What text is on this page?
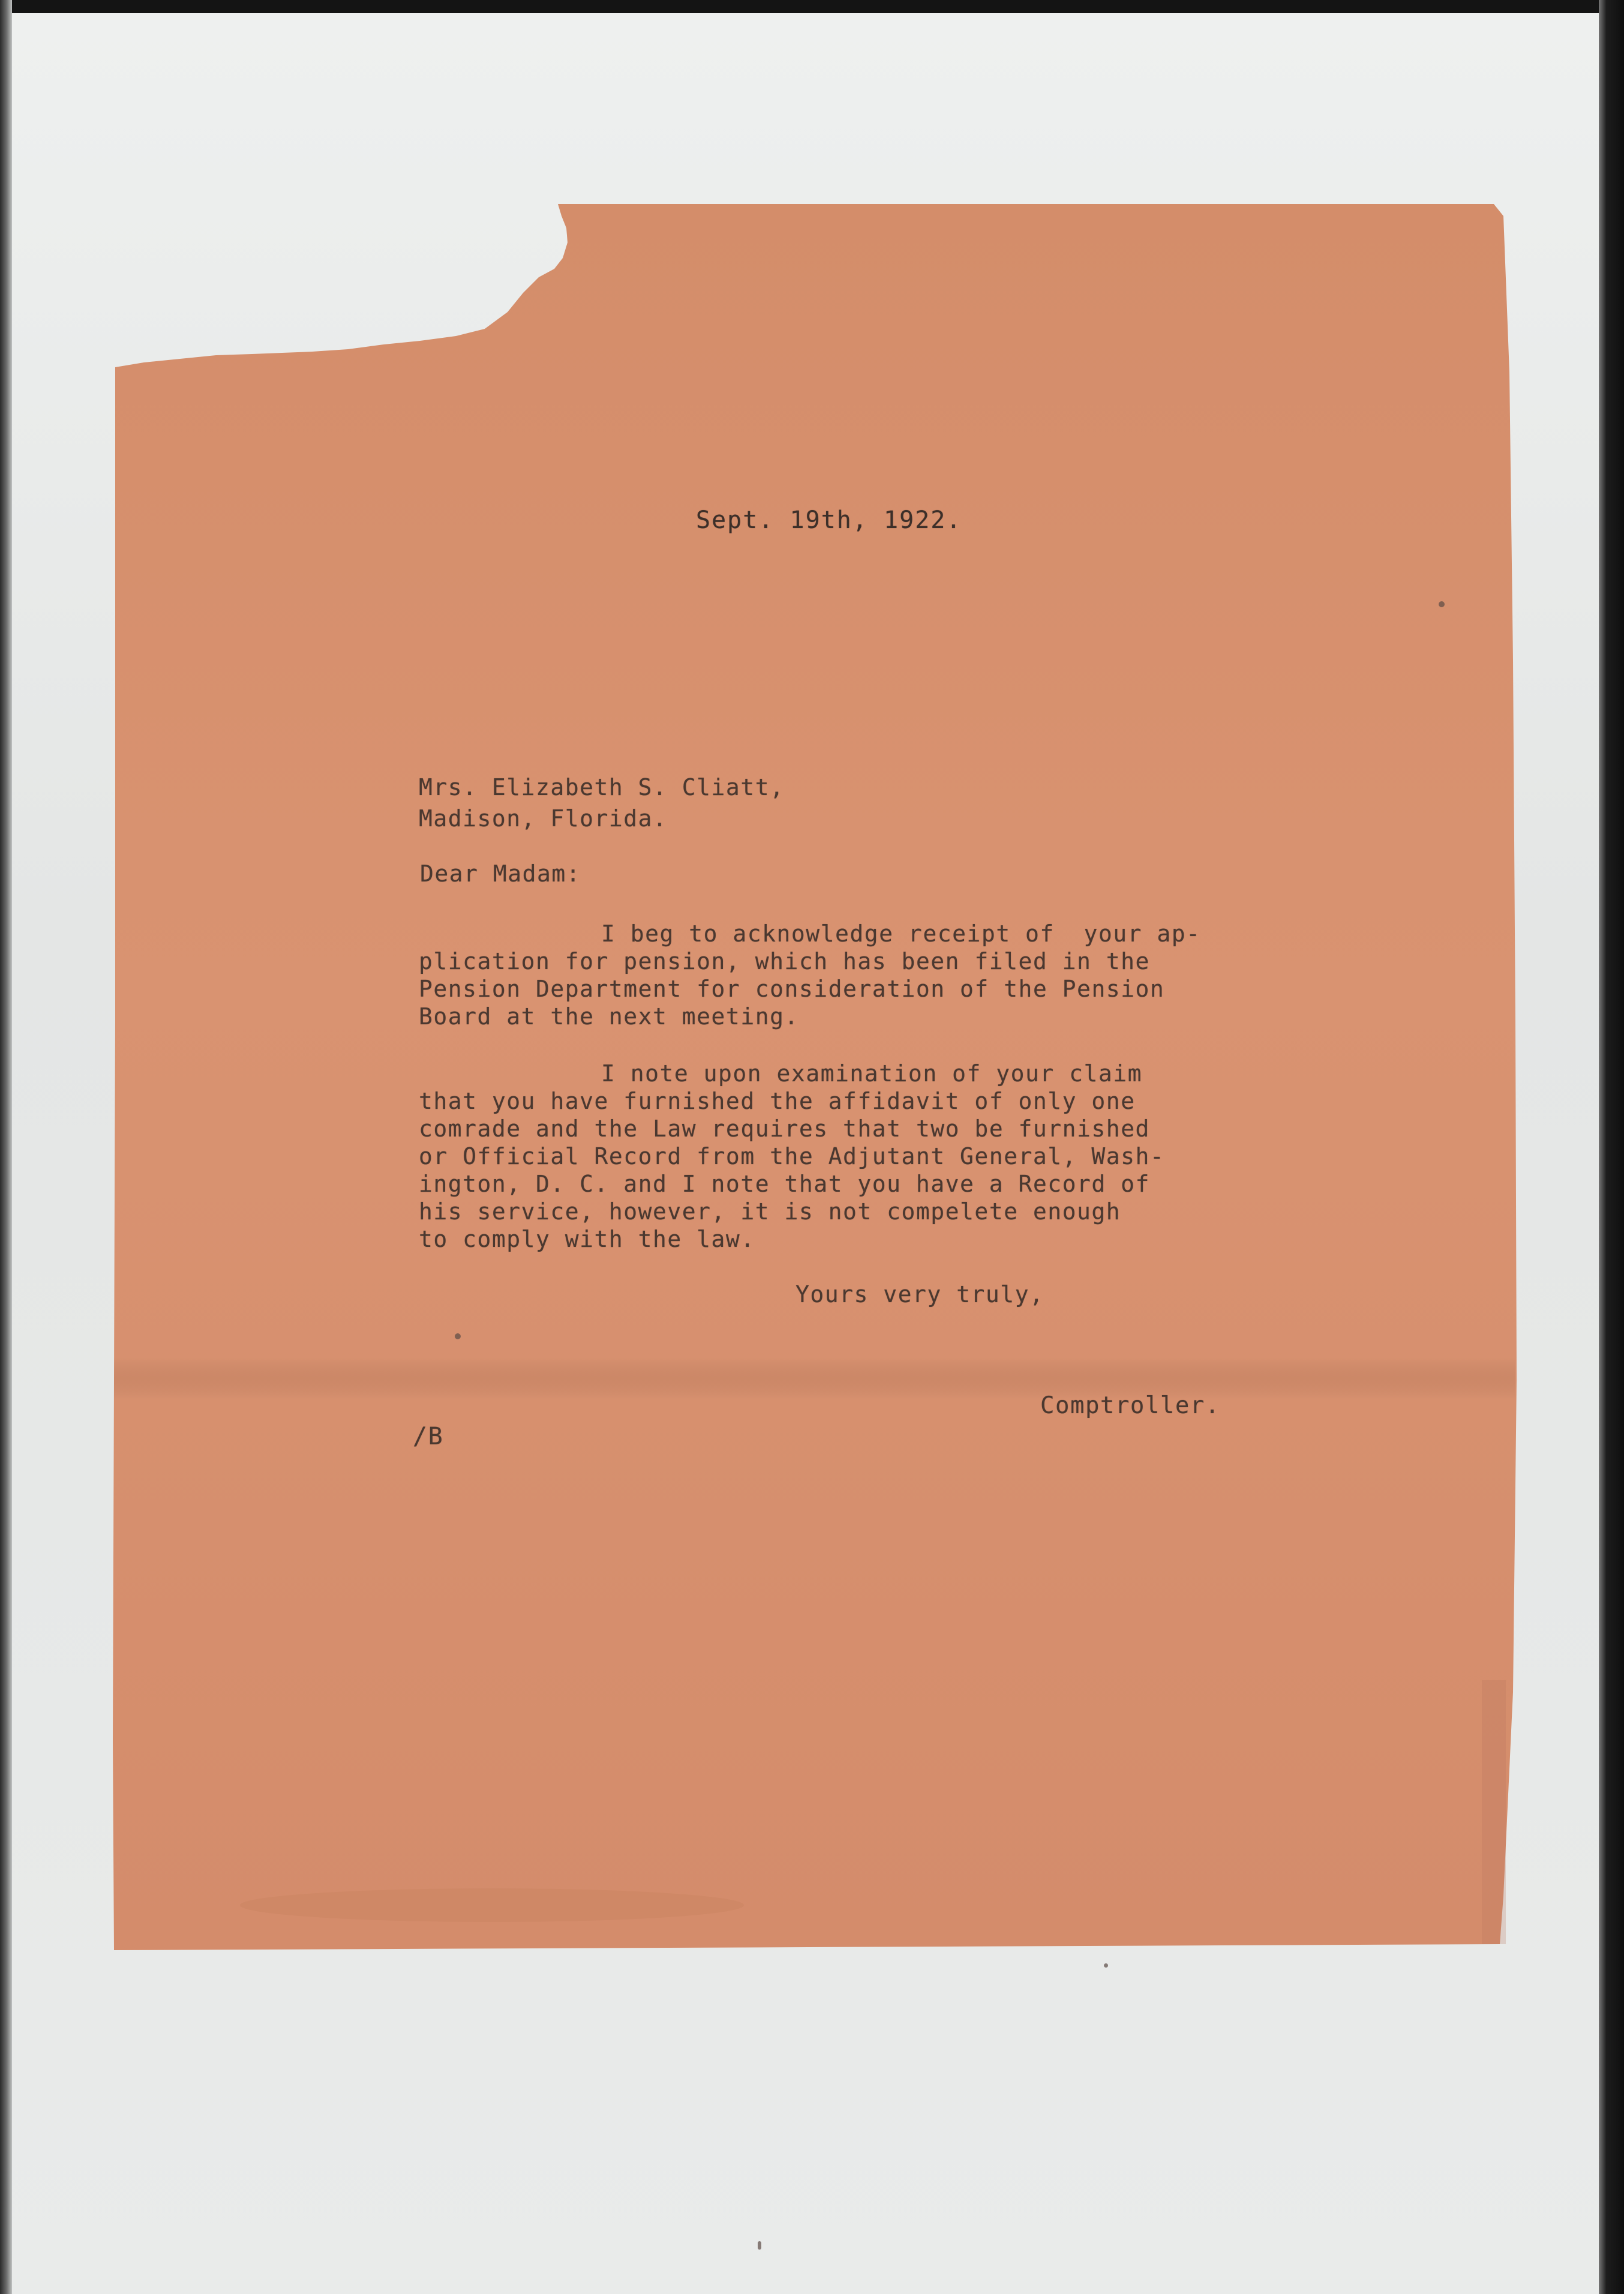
Sept. 19th, 1922.
Mrs. Elizabeth S. Cliatt,
Madison, Florida.
Dear Madam:
I beg to acknowledge receipt of  your ap-
plication for pension, which has been filed in the
Pension Department for consideration of the Pension
Board at the next meeting.
I note upon examination of your claim
that you have furnished the affidavit of only one
comrade and the Law requires that two be furnished
or Official Record from the Adjutant General, Wash-
ington, D. C. and I note that you have a Record of
his service, however, it is not compelete enough
to comply with the law.
Yours very truly,
Comptroller.
/B
